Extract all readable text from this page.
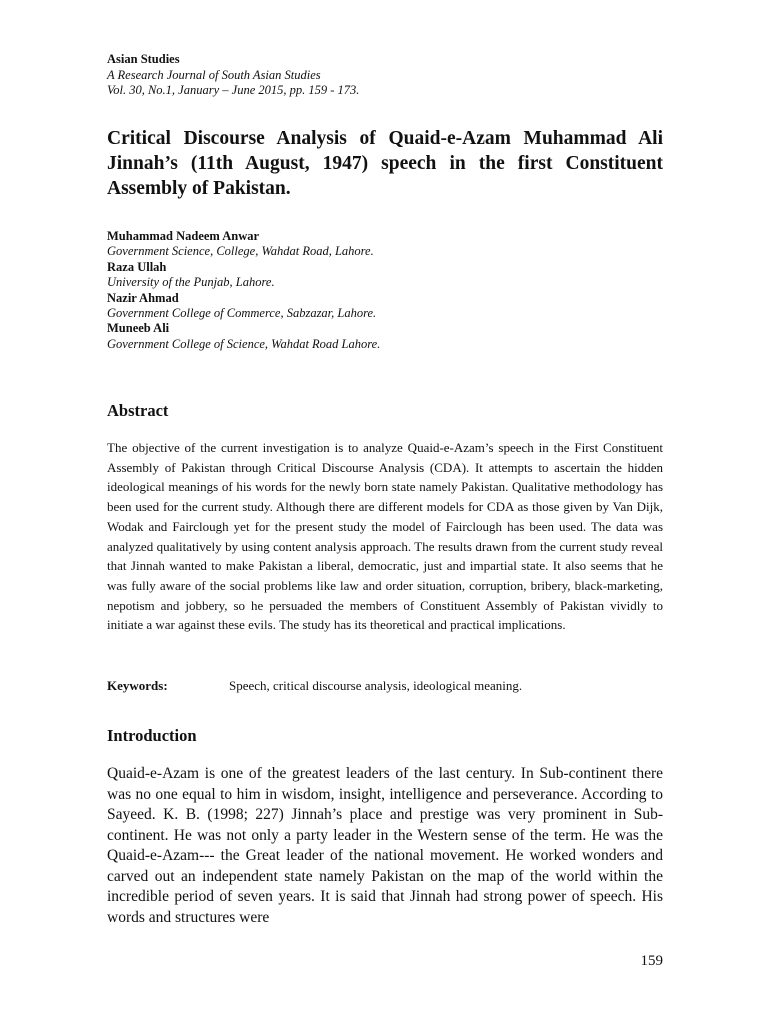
Asian Studies
A Research Journal of South Asian Studies
Vol. 30, No.1, January – June 2015, pp. 159 - 173.
Critical Discourse Analysis of Quaid-e-Azam Muhammad Ali Jinnah’s (11th August, 1947) speech in the first Constituent Assembly of Pakistan.
Muhammad Nadeem Anwar
Government Science, College, Wahdat Road, Lahore.
Raza Ullah
University of the Punjab, Lahore.
Nazir Ahmad
Government College of Commerce, Sabzazar, Lahore.
Muneeb Ali
Government College of Science, Wahdat Road Lahore.
Abstract

The objective of the current investigation is to analyze Quaid-e-Azam’s speech in the First Constituent Assembly of Pakistan through Critical Discourse Analysis (CDA). It attempts to ascertain the hidden ideological meanings of his words for the newly born state namely Pakistan. Qualitative methodology has been used for the current study. Although there are different models for CDA as those given by Van Dijk, Wodak and Fairclough yet for the present study the model of Fairclough has been used. The data was analyzed qualitatively by using content analysis approach. The results drawn from the current study reveal that Jinnah wanted to make Pakistan a liberal, democratic, just and impartial state. It also seems that he was fully aware of the social problems like law and order situation, corruption, bribery, black-marketing, nepotism and jobbery, so he persuaded the members of Constituent Assembly of Pakistan vividly to initiate a war against these evils. The study has its theoretical and practical implications.

Keywords:	Speech, critical discourse analysis, ideological meaning.
Introduction

Quaid-e-Azam is one of the greatest leaders of the last century. In Sub-continent there was no one equal to him in wisdom, insight, intelligence and perseverance. According to Sayeed. K. B. (1998; 227) Jinnah’s place and prestige was very prominent in Sub-continent. He was not only a party leader in the Western sense of the term. He was the Quaid-e-Azam--- the Great leader of the national movement. He worked wonders and carved out an independent state namely Pakistan on the map of the world within the incredible period of seven years. It is said that Jinnah had strong power of speech. His words and structures were

159
